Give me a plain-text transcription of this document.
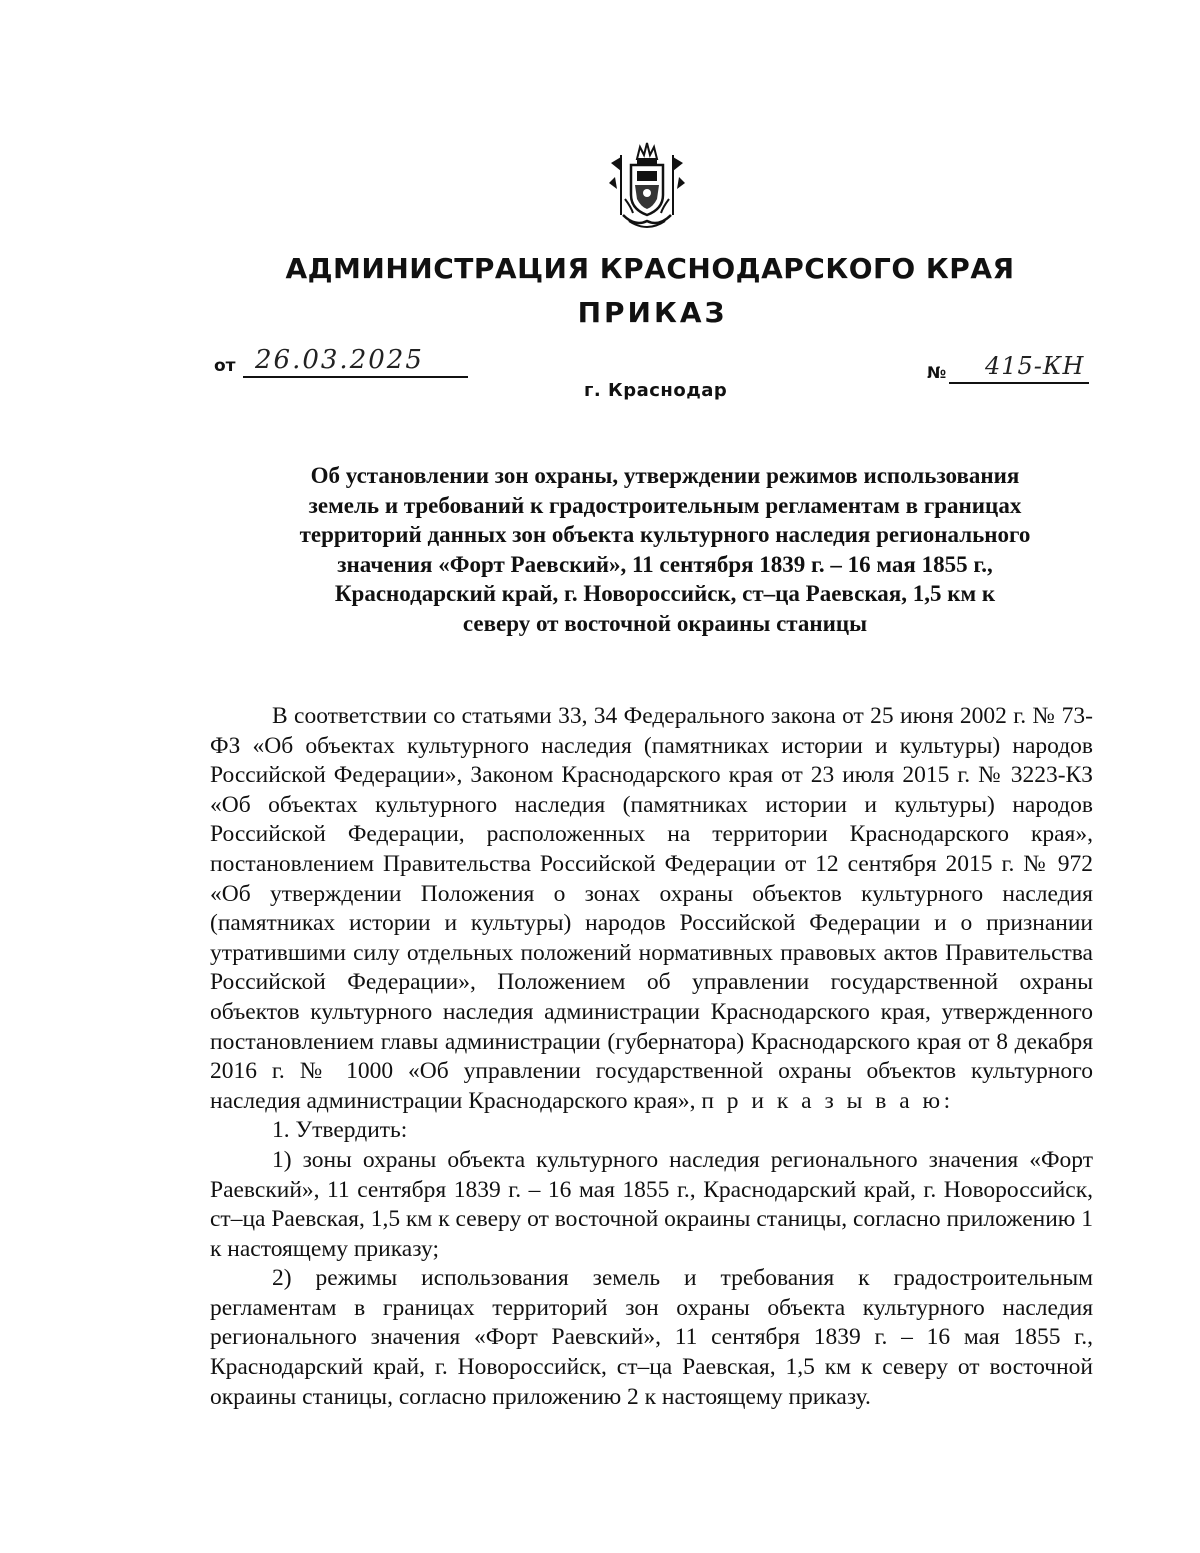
АДМИНИСТРАЦИЯ КРАСНОДАРСКОГО КРАЯ
ПРИКАЗ
от 26.03.2025	№ 415-КН
г. Краснодар
Об установлении зон охраны, утверждении режимов использования
земель и требований к градостроительным регламентам в границах
территорий данных зон объекта культурного наследия регионального
значения «Форт Раевский», 11 сентября 1839 г. – 16 мая 1855 г.,
Краснодарский край, г. Новороссийск, ст–ца Раевская, 1,5 км к
северу от восточной окраины станицы

В соответствии со статьями 33, 34 Федерального закона от 25 июня 2002 г. № 73-ФЗ «Об объектах культурного наследия (памятниках истории и культуры) народов Российской Федерации», Законом Краснодарского края от 23 июля 2015 г. № 3223-КЗ «Об объектах культурного наследия (памятниках истории и культуры) народов Российской Федерации, расположенных на территории Краснодарского края», постановлением Правительства Российской Федерации от 12 сентября 2015 г. № 972 «Об утверждении Положения о зонах охраны объектов культурного наследия (памятниках истории и культуры) народов Российской Федерации и о признании утратившими силу отдельных положений нормативных правовых актов Правительства Российской Федерации», Положением об управлении государственной охраны объектов культурного наследия администрации Краснодарского края, утвержденного постановлением главы администрации (губернатора) Краснодарского края от 8 декабря 2016 г. № 1000 «Об управлении государственной охраны объектов культурного наследия администрации Краснодарского края», п р и к а з ы в а ю:

1. Утвердить:

1) зоны охраны объекта культурного наследия регионального значения «Форт Раевский», 11 сентября 1839 г. – 16 мая 1855 г., Краснодарский край, г. Новороссийск, ст–ца Раевская, 1,5 км к северу от восточной окраины станицы, согласно приложению 1 к настоящему приказу;

2) режимы использования земель и требования к градостроительным регламентам в границах территорий зон охраны объекта культурного наследия регионального значения «Форт Раевский», 11 сентября 1839 г. – 16 мая 1855 г., Краснодарский край, г. Новороссийск, ст–ца Раевская, 1,5 км к северу от восточной окраины станицы, согласно приложению 2 к настоящему приказу.
